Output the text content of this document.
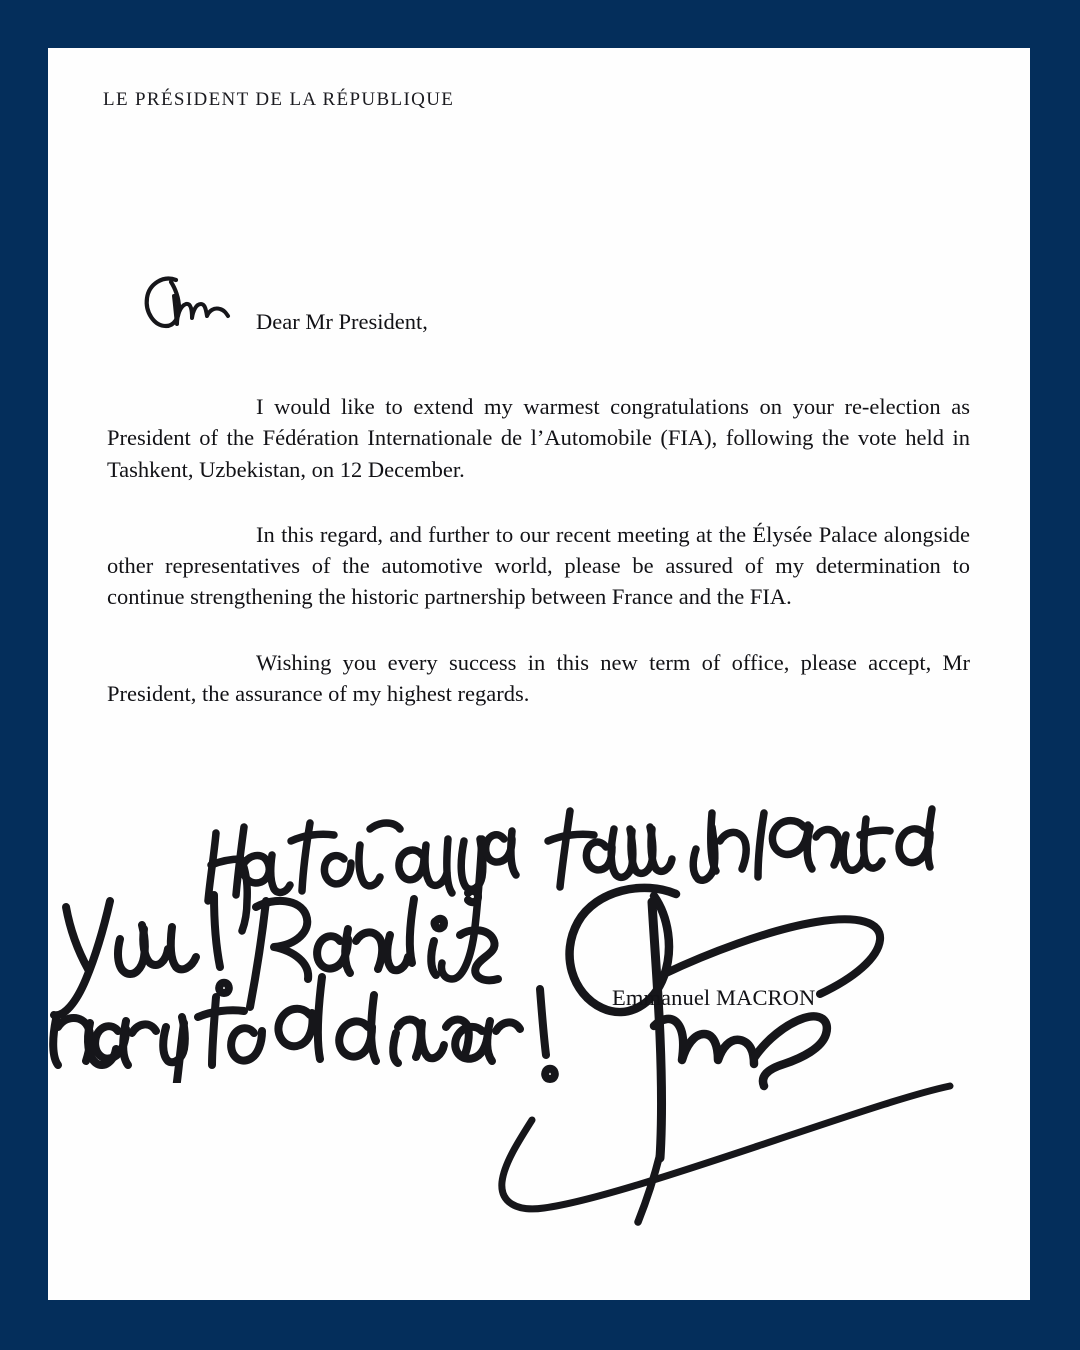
LE PRÉSIDENT DE LA RÉPUBLIQUE
Dear Mr President,

I would like to extend my warmest congratulations on your re-election as President of the Fédération Internationale de l’Automobile (FIA), following the vote held in Tashkent, Uzbekistan, on 12 December.

In this regard, and further to our recent meeting at the Élysée Palace alongside other representatives of the automotive world, please be assured of my determination to continue strengthening the historic partnership between France and the FIA.

Wishing you every success in this new term of office, please accept, Mr President, the assurance of my highest regards.

Emmanuel MACRON
